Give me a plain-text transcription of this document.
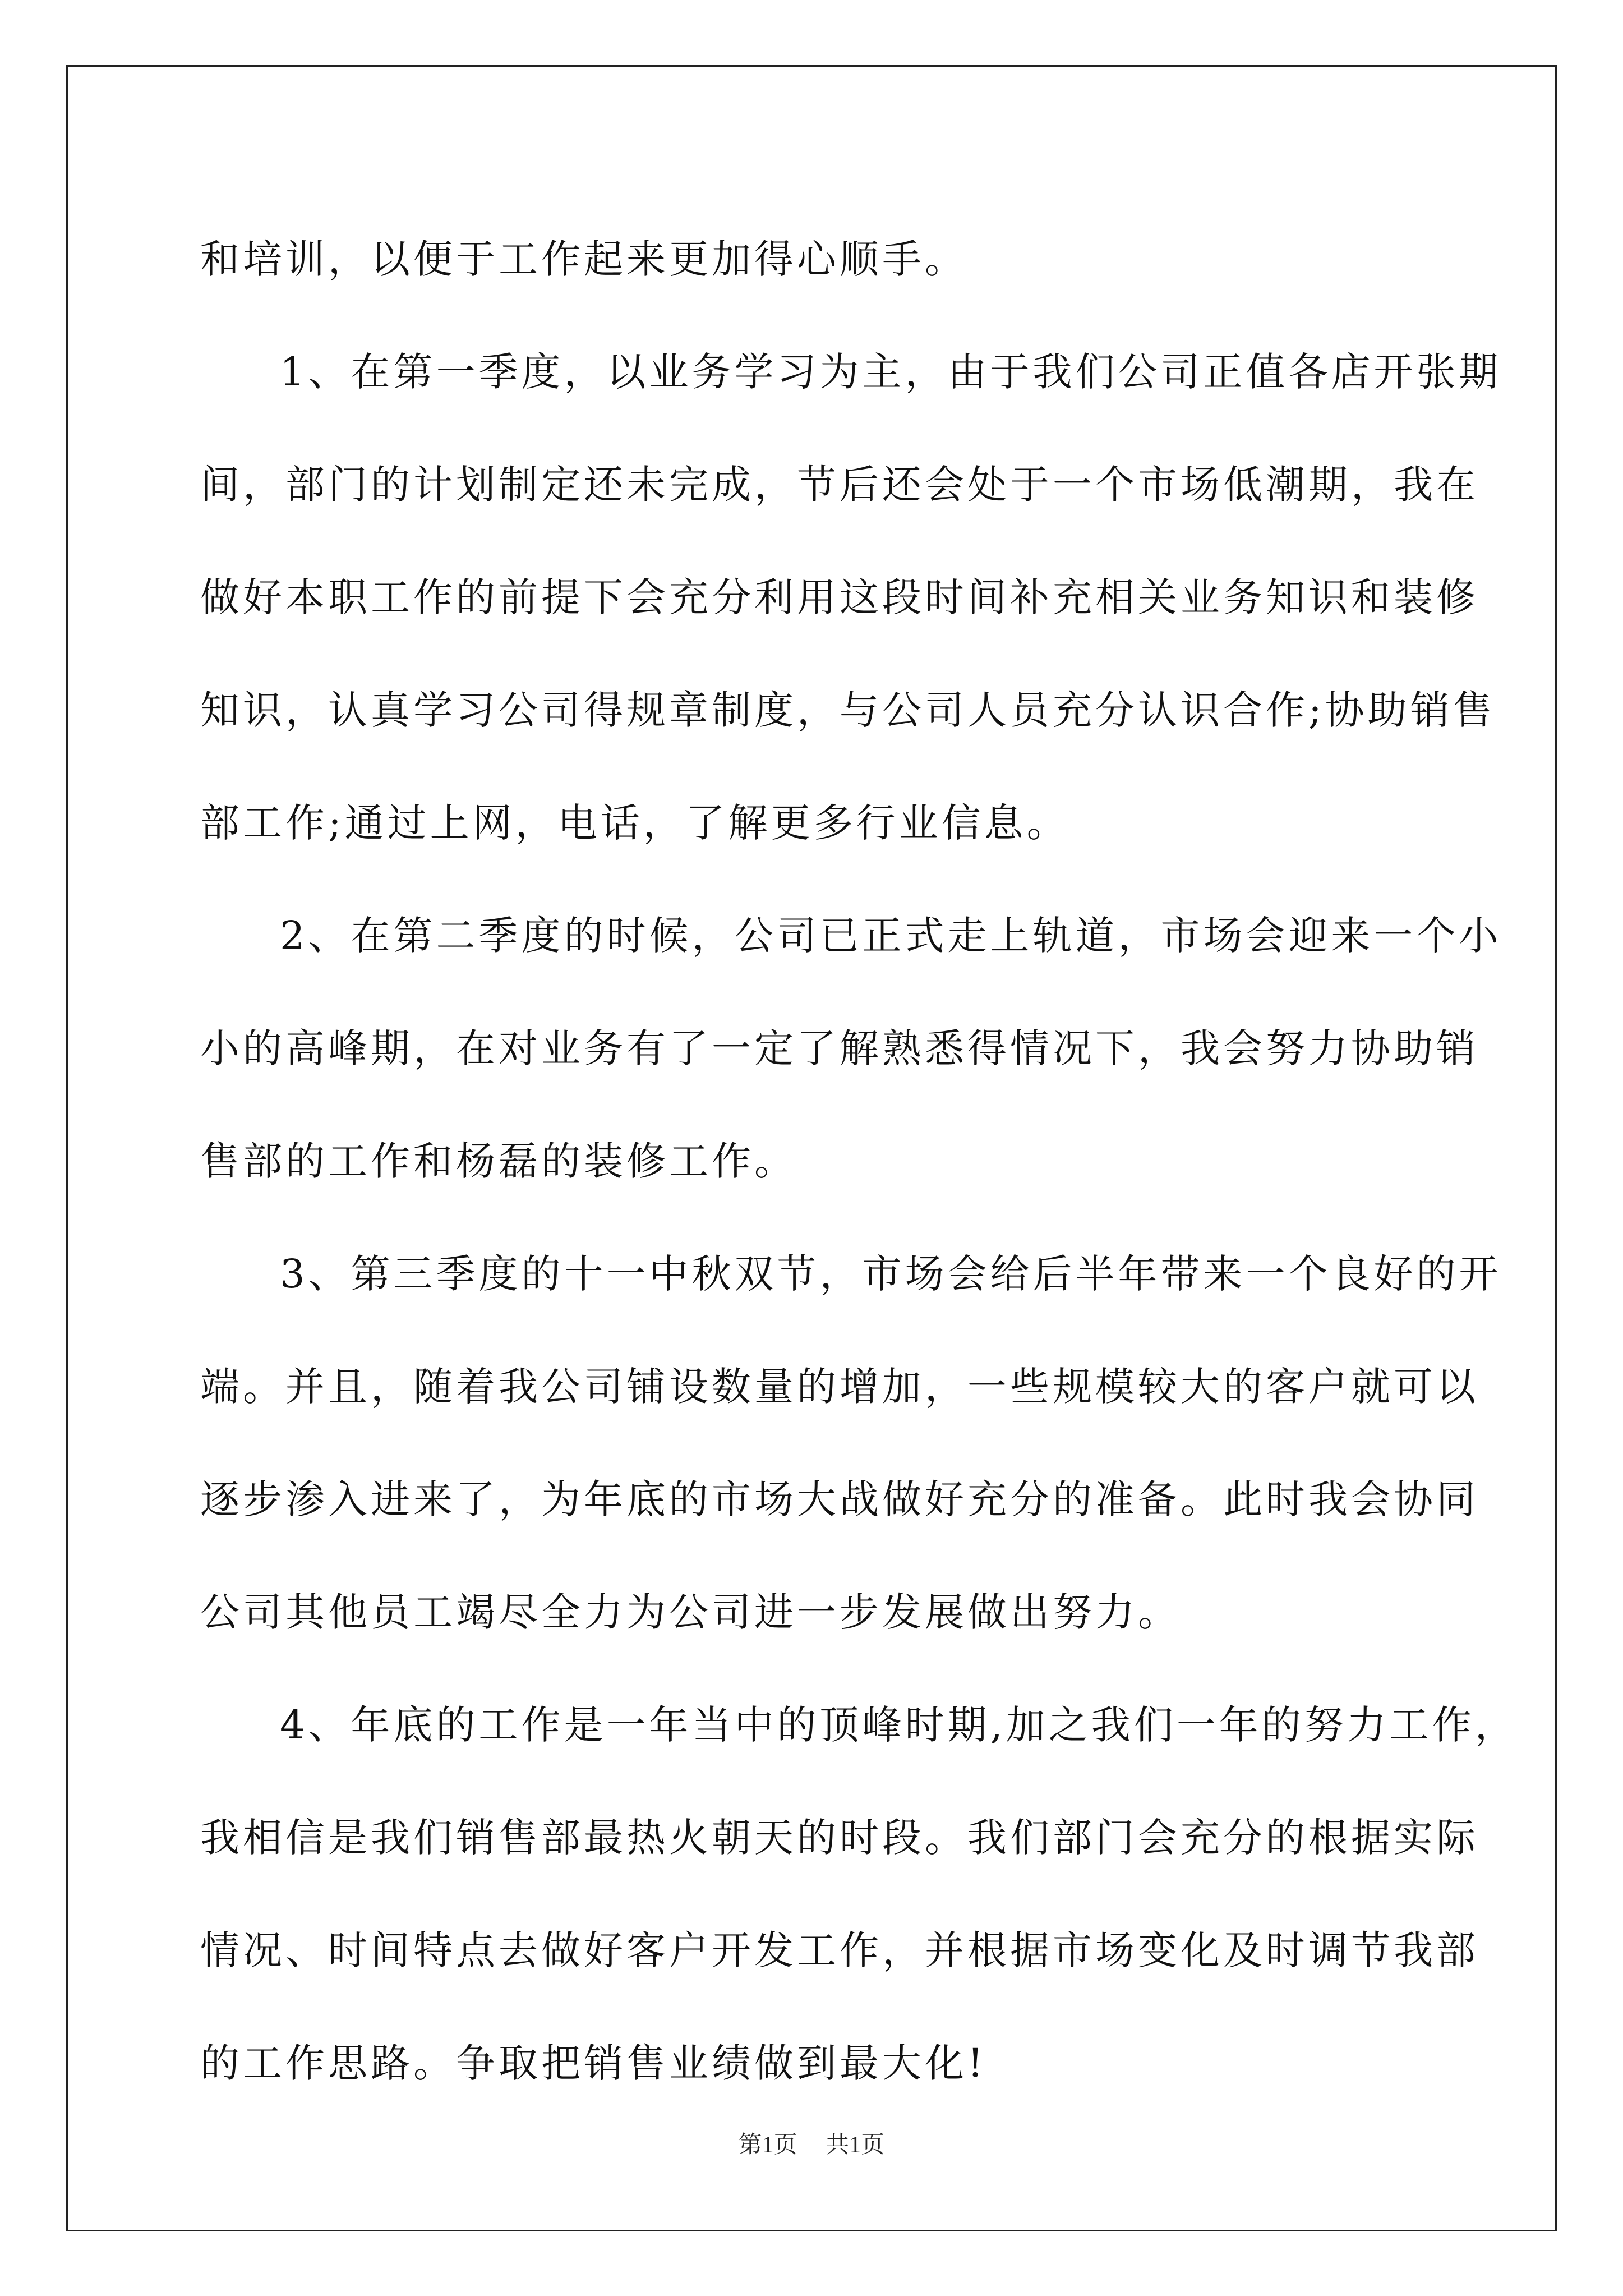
和培训，以便于工作起来更加得心顺手。
1、在第一季度，以业务学习为主，由于我们公司正值各店开张期
间，部门的计划制定还未完成，节后还会处于一个市场低潮期，我在
做好本职工作的前提下会充分利用这段时间补充相关业务知识和装修
知识，认真学习公司得规章制度，与公司人员充分认识合作;协助销售
部工作;通过上网，电话，了解更多行业信息。
2、在第二季度的时候，公司已正式走上轨道，市场会迎来一个小
小的高峰期，在对业务有了一定了解熟悉得情况下，我会努力协助销
售部的工作和杨磊的装修工作。
3、第三季度的十一中秋双节，市场会给后半年带来一个良好的开
端。并且，随着我公司铺设数量的增加，一些规模较大的客户就可以
逐步渗入进来了，为年底的市场大战做好充分的准备。此时我会协同
公司其他员工竭尽全力为公司进一步发展做出努力。
4、年底的工作是一年当中的顶峰时期,加之我们一年的努力工作，
我相信是我们销售部最热火朝天的时段。我们部门会充分的根据实际
情况、时间特点去做好客户开发工作，并根据市场变化及时调节我部
的工作思路。争取把销售业绩做到最大化!
第1页 共1页
